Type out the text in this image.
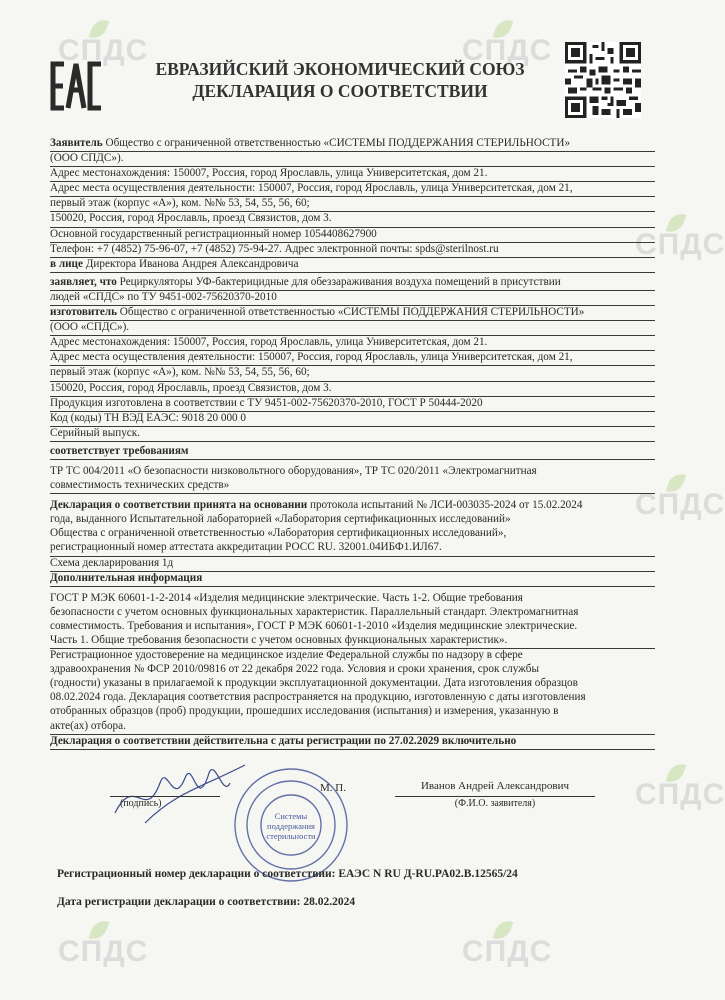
СПДС	СПДС
СПДС
СПДС
СПДС
СПДС	СПДС
ЕВРАЗИЙСКИЙ ЭКОНОМИЧЕСКИЙ СОЮЗ
ДЕКЛАРАЦИЯ О СООТВЕТСТВИИ
Заявитель Общество с ограниченной ответственностью «СИСТЕМЫ ПОДДЕРЖАНИЯ СТЕРИЛЬНОСТИ»
(ООО СПДС»).
Адрес местонахождения: 150007, Россия, город Ярославль, улица Университетская, дом 21.
Адрес места осуществления деятельности: 150007, Россия, город Ярославль, улица Университетская, дом 21,
первый этаж (корпус «А»), ком. №№ 53, 54, 55, 56, 60;
150020, Россия, город Ярославль, проезд Связистов, дом 3.
Основной государственный регистрационный номер 1054408627900
Телефон: +7 (4852) 75-96-07, +7 (4852) 75-94-27. Адрес электронной почты: spds@sterilnost.ru
в лице Директора Иванова Андрея Александровича
заявляет, что Рециркуляторы УФ-бактерицидные для обеззараживания воздуха помещений в присутствии
людей «СПДС» по ТУ 9451-002-75620370-2010
изготовитель Общество с ограниченной ответственностью «СИСТЕМЫ ПОДДЕРЖАНИЯ СТЕРИЛЬНОСТИ»
(ООО «СПДС»).
Адрес местонахождения: 150007, Россия, город Ярославль, улица Университетская, дом 21.
Адрес места осуществления деятельности: 150007, Россия, город Ярославль, улица Университетская, дом 21,
первый этаж (корпус «А»), ком. №№ 53, 54, 55, 56, 60;
150020, Россия, город Ярославль, проезд Связистов, дом 3.
Продукция изготовлена в соответствии с ТУ 9451-002-75620370-2010, ГОСТ Р 50444-2020
Код (коды) ТН ВЭД ЕАЭС: 9018 20 000 0
Серийный выпуск.
соответствует требованиям
ТР ТС 004/2011 «О безопасности низковольтного оборудования», ТР ТС 020/2011 «Электромагнитная
совместимость технических средств»
Декларация о соответствии принята на основании протокола испытаний № ЛСИ-003035-2024 от 15.02.2024
года, выданного Испытательной лабораторией «Лаборатория сертификационных исследований»
Общества с ограниченной ответственностью «Лаборатория сертификационных исследований»,
регистрационный номер аттестата аккредитации РОСС RU. 32001.04ИБФ1.ИЛ67.
Схема декларирования 1д
Дополнительная информация
ГОСТ Р МЭК 60601-1-2-2014 «Изделия медицинские электрические. Часть 1-2. Общие требования
безопасности с учетом основных функциональных характеристик. Параллельный стандарт. Электромагнитная
совместимость. Требования и испытания», ГОСТ Р МЭК 60601-1-2010 «Изделия медицинские электрические.
Часть 1. Общие требования безопасности с учетом основных функциональных характеристик».
Регистрационное удостоверение на медицинское изделие Федеральной службы по надзору в сфере
здравоохранения № ФСР 2010/09816 от 22 декабря 2022 года. Условия и сроки хранения, срок службы
(годности) указаны в прилагаемой к продукции эксплуатационной документации. Дата изготовления образцов
08.02.2024 года. Декларация соответствия распространяется на продукцию, изготовленную с даты изготовления
отобранных образцов (проб) продукции, прошедших исследования (испытания) и измерения, указанную в
акте(ах) отбора.
Декларация о соответствии действительна с даты регистрации по 27.02.2029 включительно
Системы
поддержания
стерильности
(подпись)
М. П.	Иванов Андрей Александрович
(Ф.И.О. заявителя)
Регистрационный номер декларации о соответствии: ЕАЭС N RU Д-RU.PA02.B.12565/24
Дата регистрации декларации о соответствии: 28.02.2024
